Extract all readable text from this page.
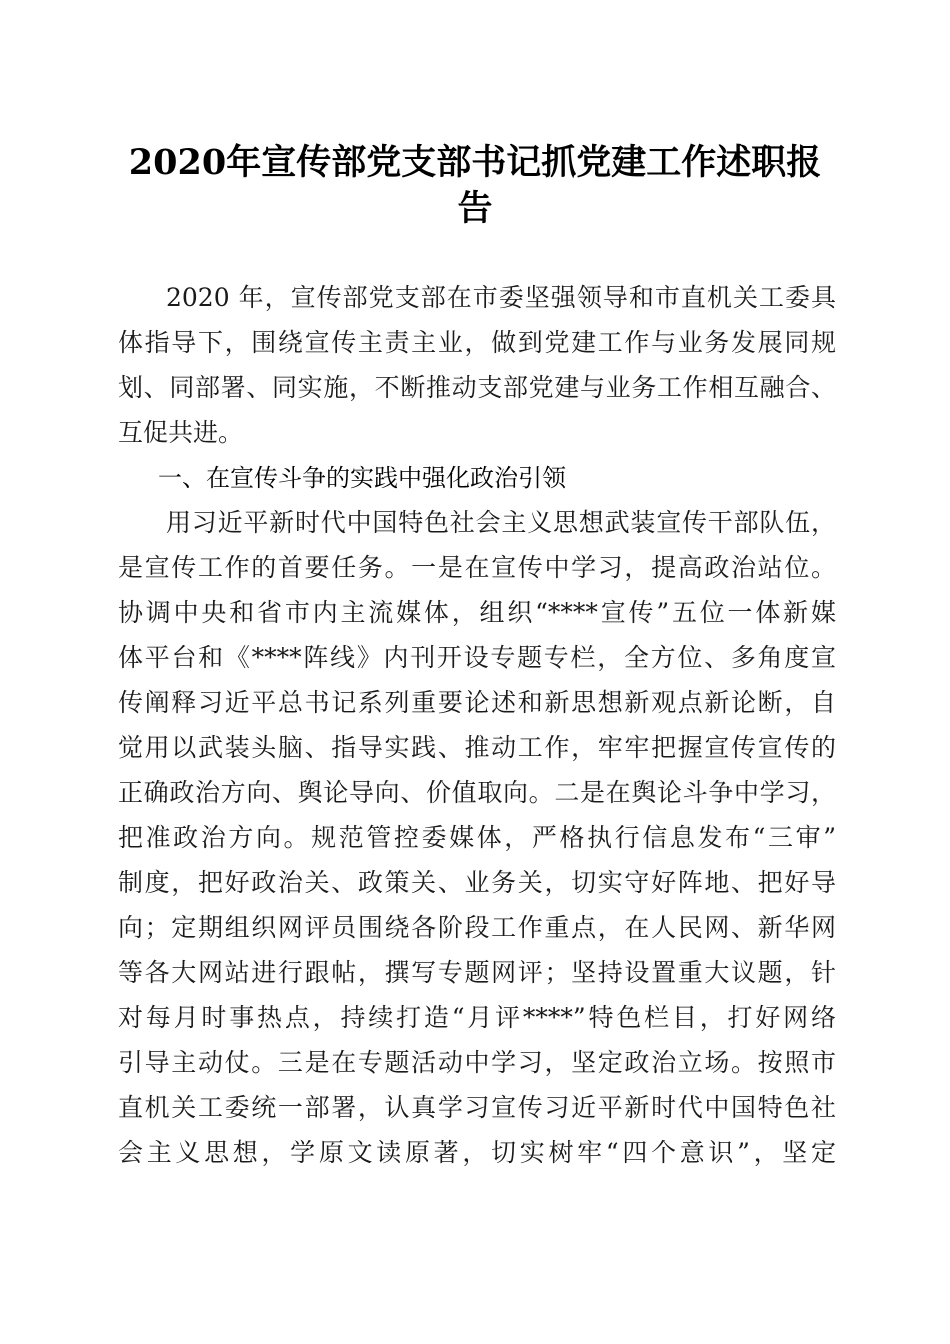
2020年宣传部党支部书记抓党建工作述职报
告

2020 年，宣传部党支部在市委坚强领导和市直机关工委具

体指导下，围绕宣传主责主业，做到党建工作与业务发展同规

划、同部署、同实施，不断推动支部党建与业务工作相互融合、

互促共进。

一、在宣传斗争的实践中强化政治引领

用习近平新时代中国特色社会主义思想武装宣传干部队伍，

是宣传工作的首要任务。一是在宣传中学习，提高政治站位。

协调中央和省市内主流媒体，组织“****宣传”五位一体新媒

体平台和《****阵线》内刊开设专题专栏，全方位、多角度宣

传阐释习近平总书记系列重要论述和新思想新观点新论断，自

觉用以武装头脑、指导实践、推动工作，牢牢把握宣传宣传的

正确政治方向、舆论导向、价值取向。二是在舆论斗争中学习，

把准政治方向。规范管控委媒体，严格执行信息发布“三审”

制度，把好政治关、政策关、业务关，切实守好阵地、把好导

向；定期组织网评员围绕各阶段工作重点，在人民网、新华网

等各大网站进行跟帖，撰写专题网评；坚持设置重大议题，针

对每月时事热点，持续打造“月评****”特色栏目，打好网络

引导主动仗。三是在专题活动中学习，坚定政治立场。按照市

直机关工委统一部署，认真学习宣传习近平新时代中国特色社

会主义思想，学原文读原著，切实树牢“四个意识”，坚定
